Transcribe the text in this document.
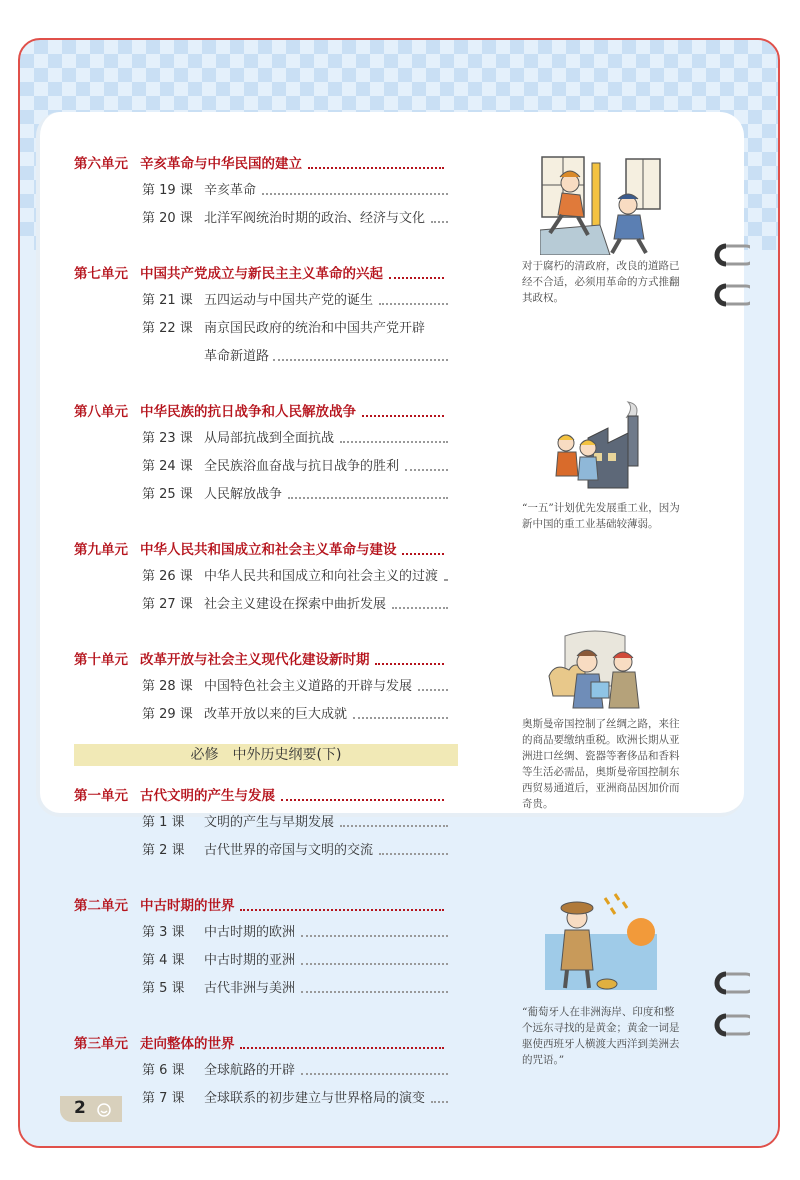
第六单元 辛亥革命与中华民国的建立
第 19 课 辛亥革命
第 20 课 北洋军阀统治时期的政治、经济与文化
第七单元 中国共产党成立与新民主主义革命的兴起
第 21 课 五四运动与中国共产党的诞生
第 22 课 南京国民政府的统治和中国共产党开辟
革命新道路
第八单元 中华民族的抗日战争和人民解放战争
第 23 课 从局部抗战到全面抗战
第 24 课 全民族浴血奋战与抗日战争的胜利
第 25 课 人民解放战争
第九单元 中华人民共和国成立和社会主义革命与建设
第 26 课 中华人民共和国成立和向社会主义的过渡
第 27 课 社会主义建设在探索中曲折发展
第十单元 改革开放与社会主义现代化建设新时期
第 28 课 中国特色社会主义道路的开辟与发展
第 29 课 改革开放以来的巨大成就
第一单元 古代文明的产生与发展
第 1 课 文明的产生与早期发展
第 2 课 古代世界的帝国与文明的交流
第二单元 中古时期的世界
第 3 课 中古时期的欧洲
第 4 课 中古时期的亚洲
第 5 课 古代非洲与美洲
第三单元 走向整体的世界
第 6 课 全球航路的开辟
第 7 课 全球联系的初步建立与世界格局的演变
必修　中外历史纲要(下)
对于腐朽的清政府，改良的道路已经不合适，必须用革命的方式推翻其政权。
“一五”计划优先发展重工业，因为新中国的重工业基础较薄弱。
奥斯曼帝国控制了丝绸之路，来往的商品要缴纳重税。欧洲长期从亚洲进口丝绸、瓷器等奢侈品和香料等生活必需品，奥斯曼帝国控制东西贸易通道后，亚洲商品因加价而奇贵。
“葡萄牙人在非洲海岸、印度和整个远东寻找的是黄金；黄金一词是驱使西班牙人横渡大西洋到美洲去的咒语。”
2
